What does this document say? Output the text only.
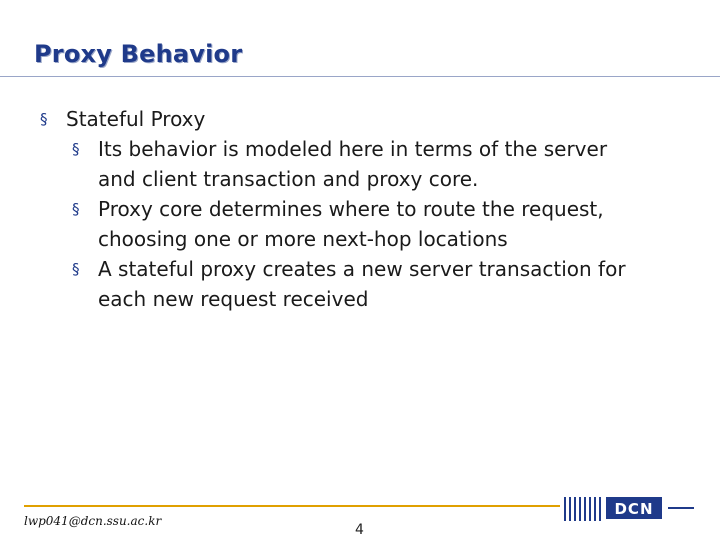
Proxy Behavior

§ Stateful Proxy

§ Its behavior is modeled here in terms of the server
and client transaction and proxy core.
§ Proxy core determines where to route the request,
choosing one or more next-hop locations
§ A stateful proxy creates a new server transaction for
each new request received
lwp041@dcn.ssu.ac.kr
4
DCN
